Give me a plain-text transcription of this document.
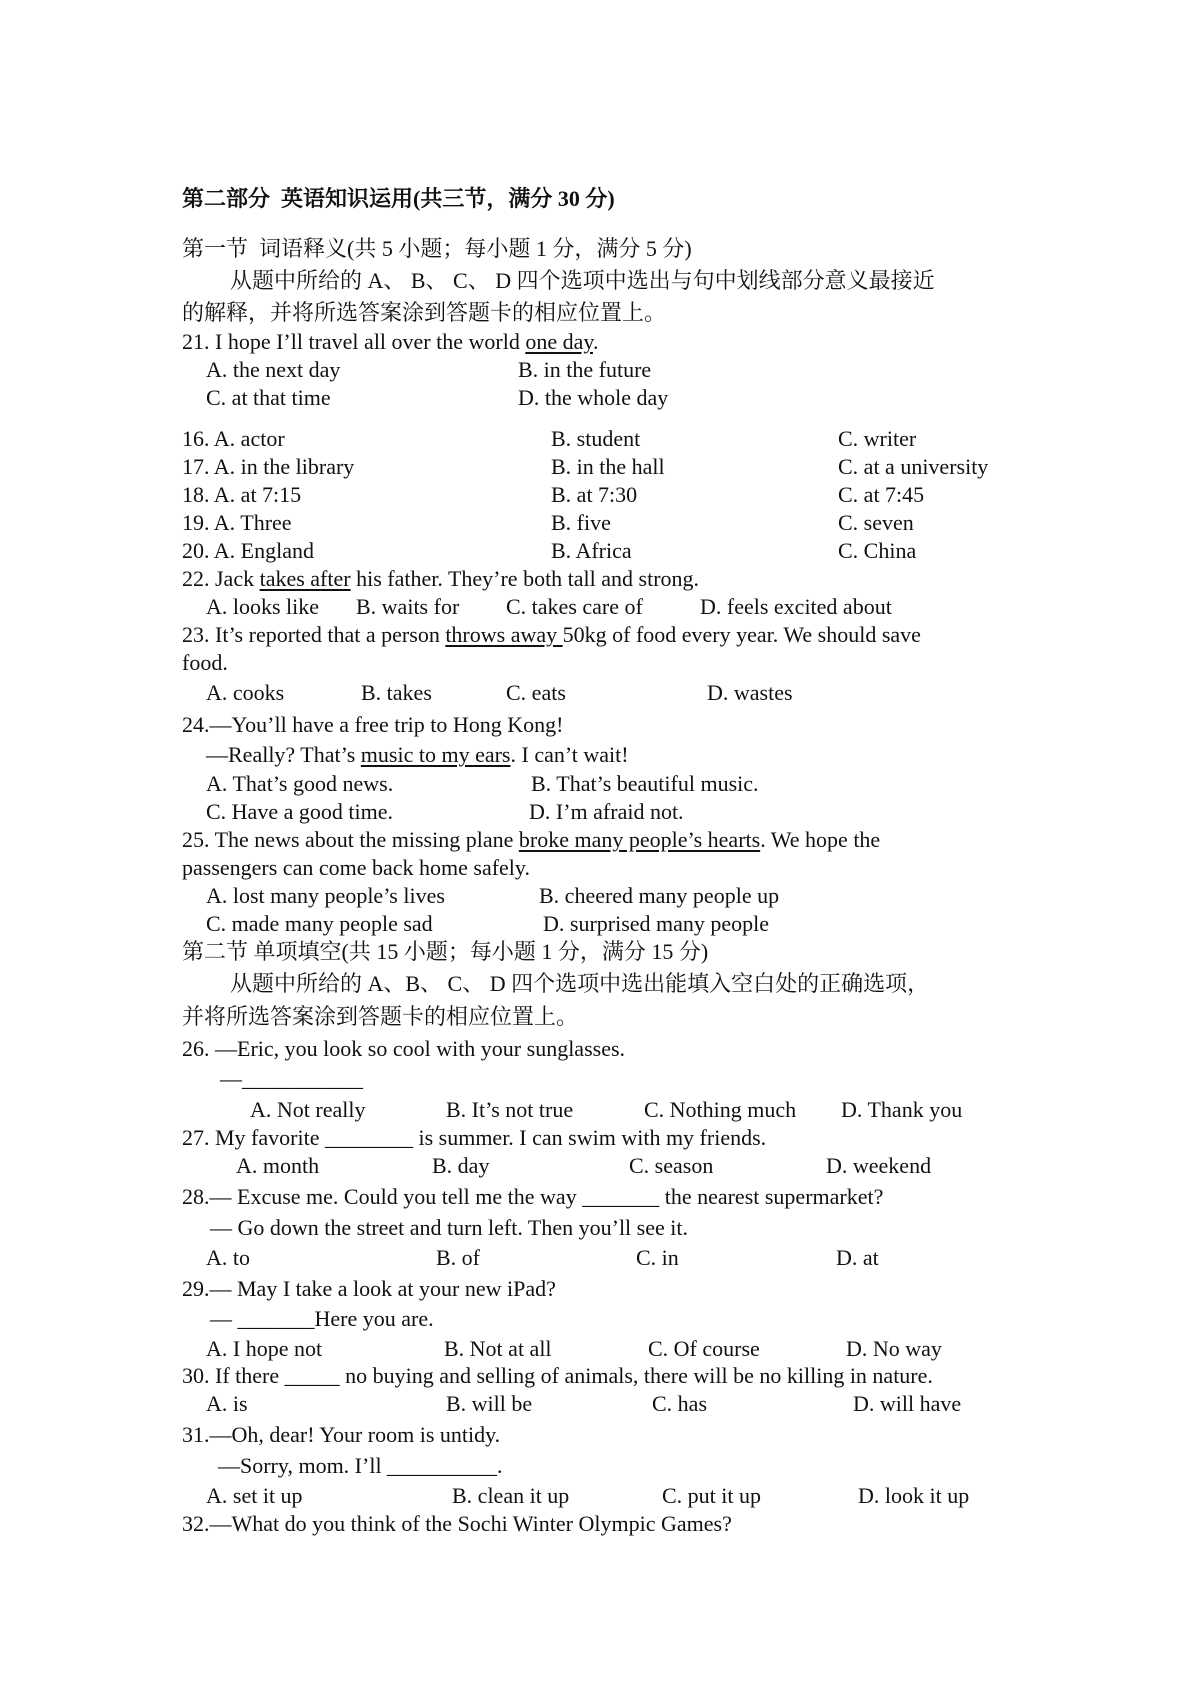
第二部分  英语知识运用(共三节，满分 30 分)
第一节  词语释义(共 5 小题；每小题 1 分，满分 5 分)
从题中所给的 A、 B、 C、 D 四个选项中选出与句中划线部分意义最接近
的解释，并将所选答案涂到答题卡的相应位置上。
21. I hope I’ll travel all over the world one day.
A. the next day	B. in the future
C. at that time	D. the whole day
16. A. actor	B. student	C. writer
17. A. in the library	B. in the hall	C. at a university
18. A. at 7:15	B. at 7:30	C. at 7:45
19. A. Three	B. five	C. seven
20. A. England	B. Africa	C. China
22. Jack takes after his father. They’re both tall and strong.
A. looks like B. waits for C. takes care of	D. feels excited about
23. It’s reported that a person throws away 50kg of food every year. We should save
food.
A. cooks	B. takes	C. eats	D. wastes
24.—You’ll have a free trip to Hong Kong!
—Really? That’s music to my ears. I can’t wait!
A. That’s good news.	B. That’s beautiful music.
C. Have a good time.	D. I’m afraid not.
25. The news about the missing plane broke many people’s hearts. We hope the
passengers can come back home safely.
A. lost many people’s lives	B. cheered many people up
C. made many people sad	D. surprised many people
第二节 单项填空(共 15 小题；每小题 1 分，满分 15 分)
从题中所给的 A、B、 C、 D 四个选项中选出能填入空白处的正确选项，
并将所选答案涂到答题卡的相应位置上。
26. —Eric, you look so cool with your sunglasses.
—___________
A. Not really	B. It’s not true	C. Nothing much D. Thank you
27. My favorite ________ is summer. I can swim with my friends.
A. month	B. day	C. season	D. weekend
28.— Excuse me. Could you tell me the way _______ the nearest supermarket?
— Go down the street and turn left. Then you’ll see it.
A. to	B. of	C. in	D. at
29.— May I take a look at your new iPad?
— _______Here you are.
A. I hope not	B. Not at all	C. Of course	D. No way
30. If there _____ no buying and selling of animals, there will be no killing in nature.
A. is	B. will be	C. has	D. will have
31.—Oh, dear! Your room is untidy.
—Sorry, mom. I’ll __________.
A. set it up	B. clean it up	C. put it up	D. look it up
32.—What do you think of the Sochi Winter Olympic Games?
